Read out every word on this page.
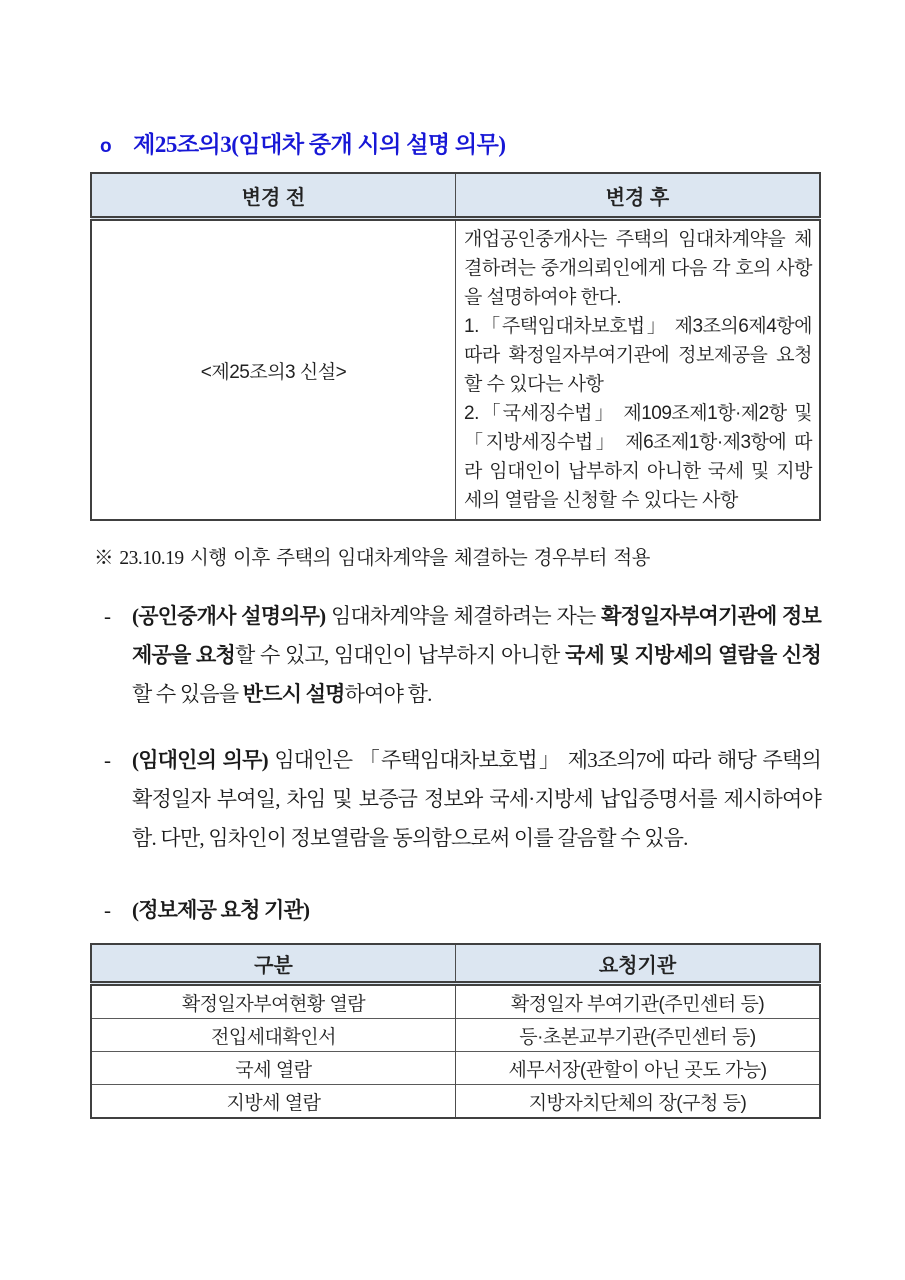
o 제25조의3(임대차 중개 시의 설명 의무)
변경 전	변경 후
<제25조의3 신설>	개업공인중개사는 주택의 임대차계약을 체결하려는 중개의뢰인에게 다음 각 호의 사항을 설명하여야 한다.

1.「주택임대차보호법」 제3조의6제4항에 따라 확정일자부여기관에 정보제공을 요청할 수 있다는 사항

2.「국세징수법」 제109조제1항·제2항 및 「지방세징수법」 제6조제1항·제3항에 따라 임대인이 납부하지 아니한 국세 및 지방세의 열람을 신청할 수 있다는 사항

※ 23.10.19 시행 이후 주택의 임대차계약을 체결하는 경우부터 적용
-	(공인중개사 설명의무) 임대차계약을 체결하려는 자는 확정일자부여기관에 정보제공을 요청할 수 있고, 임대인이 납부하지 아니한 국세 및 지방세의 열람을 신청할 수 있음을 반드시 설명하여야 함.
-	(임대인의 의무) 임대인은 「주택임대차보호법」 제3조의7에 따라 해당 주택의 확정일자 부여일, 차임 및 보증금 정보와 국세·지방세 납입증명서를 제시하여야 함. 다만, 임차인이 정보열람을 동의함으로써 이를 갈음할 수 있음.
-	(정보제공 요청 기관)
구분	요청기관
확정일자부여현황 열람	확정일자 부여기관(주민센터 등)
전입세대확인서	등·초본교부기관(주민센터 등)
국세 열람	세무서장(관할이 아닌 곳도 가능)
지방세 열람	지방자치단체의 장(구청 등)
